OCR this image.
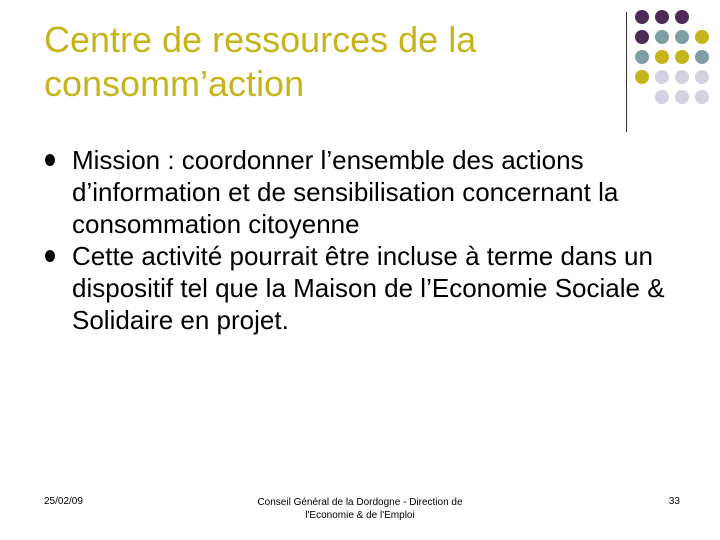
Centre de ressources de la consomm’action
Mission : coordonner l’ensemble des actions d’information et de sensibilisation concernant la consommation citoyenne
Cette activité pourrait être incluse à terme dans un dispositif tel que la Maison de l’Economie Sociale & Solidaire en projet.
25/02/09	Conseil Général de la Dordogne - Direction de
l'Economie & de l'Emploi
33
